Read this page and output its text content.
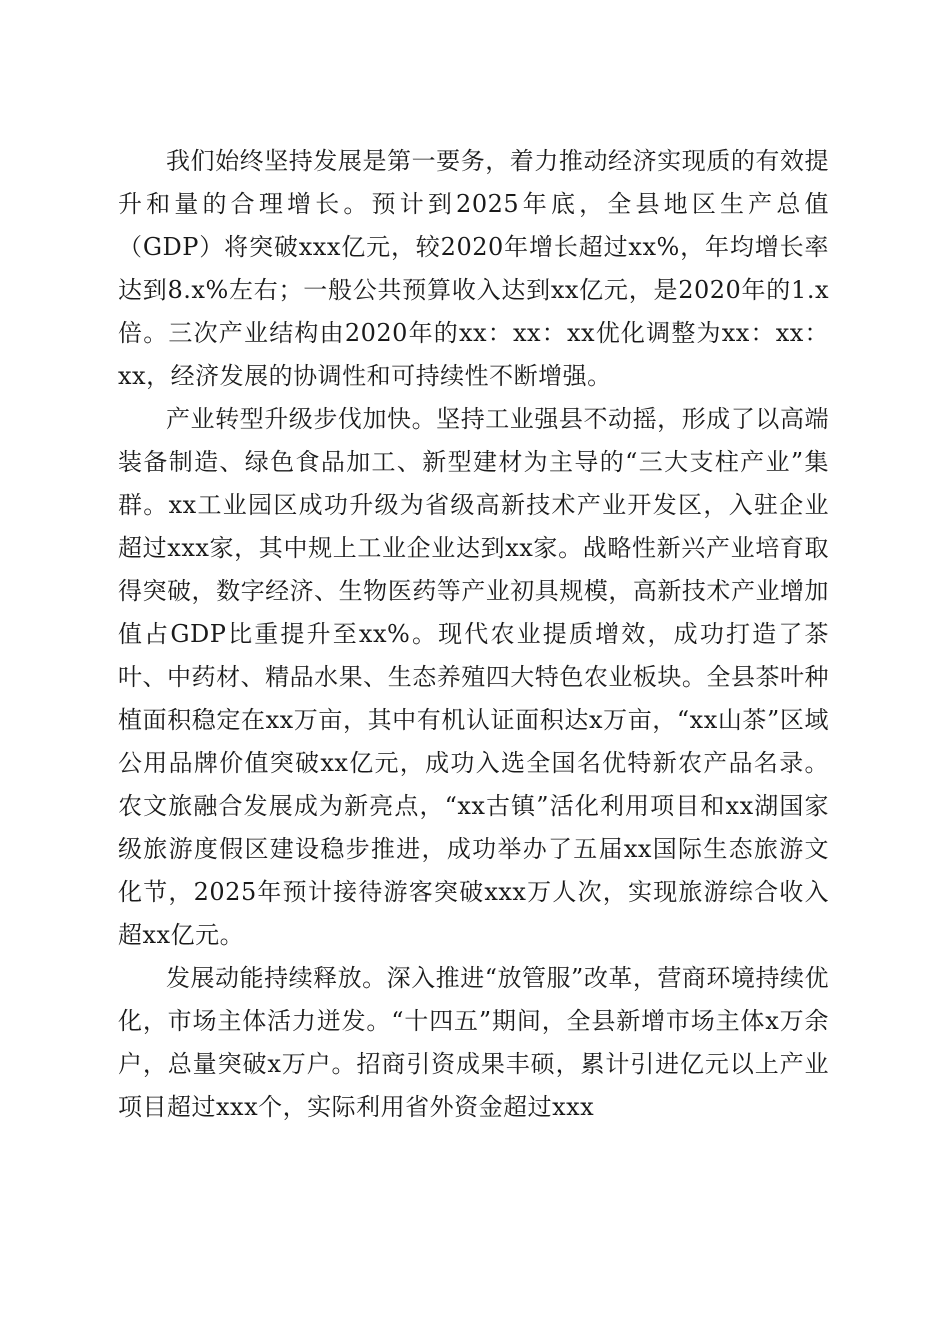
我们始终坚持发展是第一要务，着力推动经济实现质的有效提升和量的合理增长。预计到2025年底，全县地区生产总值（GDP）将突破xxx亿元，较2020年增长超过xx%，年均增长率达到8.x%左右；一般公共预算收入达到xx亿元，是2020年的1.x倍。三次产业结构由2020年的xx：xx：xx优化调整为xx：xx：xx，经济发展的协调性和可持续性不断增强。

产业转型升级步伐加快。坚持工业强县不动摇，形成了以高端装备制造、绿色食品加工、新型建材为主导的“三大支柱产业”集群。xx工业园区成功升级为省级高新技术产业开发区，入驻企业超过xxx家，其中规上工业企业达到xx家。战略性新兴产业培育取得突破，数字经济、生物医药等产业初具规模，高新技术产业增加值占GDP比重提升至xx%。现代农业提质增效，成功打造了茶叶、中药材、精品水果、生态养殖四大特色农业板块。全县茶叶种植面积稳定在xx万亩，其中有机认证面积达x万亩，“xx山茶”区域公用品牌价值突破xx亿元，成功入选全国名优特新农产品名录。农文旅融合发展成为新亮点，“xx古镇”活化利用项目和xx湖国家级旅游度假区建设稳步推进，成功举办了五届xx国际生态旅游文化节，2025年预计接待游客突破xxx万人次，实现旅游综合收入超xx亿元。

发展动能持续释放。深入推进“放管服”改革，营商环境持续优化，市场主体活力迸发。“十四五”期间，全县新增市场主体x万余户，总量突破x万户。招商引资成果丰硕，累计引进亿元以上产业项目超过xxx个，实际利用省外资金超过xxx
